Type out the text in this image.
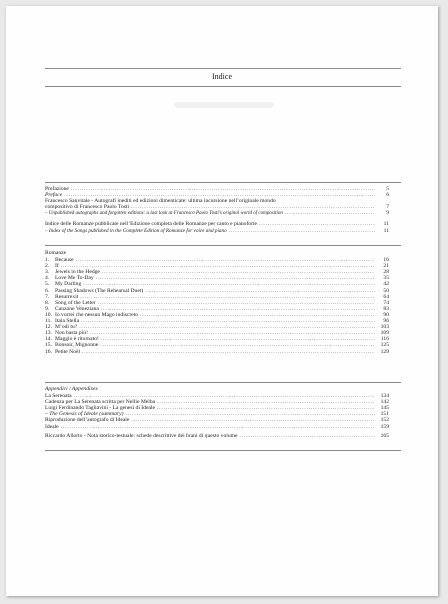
Indice
Prefazione .....	5
Preface .....	6
Francesco Sanvitale - Autografi inediti ed edizioni dimenticate: ultima incursione nell’originale mondo
compositivo di Francesco Paolo Tosti .....	7
– Unpublished autographs and forgotten editions: a last look at Francesco Paolo Tosti’s original world of composition .....	9
Indice delle Romanze pubblicate nell’Edizione completa delle Romanze per canto e pianoforte .....	11
– Index of the Songs published in the Complete Edition of Romanze for voice and piano .....	11
Romanze
1.	Because .....	16
2.	If .....	21
3.	Jewels in the Hedge .....	28
4.	Love Me To-Day .....	35
5.	My Darling .....	42
6.	Passing Shadows (The Rehearsal Duet) .....	50
7.	Resurrexit .....	64
8.	Song of the Letter .....	74
9.	Canzone Veneziana .....	83
10. Io vorrei che nessun Mago indiscreto .....	90
11. Itala Stella .....	96
12. M’odi tu? .....	103
13. Non basta più! .....	109
14. Maggio è ritornato! .....	116
15. Bonsoir, Mignonne .....	125
16. Petite Noël .....	129
Appendici / Appendixes
La Serenata .....	134
Cadenza per La Serenata scritta per Nellie Melba .....	142
Luigi Ferdinando Tagliavini - La genesi di Ideale .....	145
– The Genesis of Ideale (summary) .....	151
Riproduzione dell’autografo di Ideale .....	152
Ideale .....	159
Riccardo Allorto - Nota storico-testuale: schede descrittive dei brani di questo volume .....	165
